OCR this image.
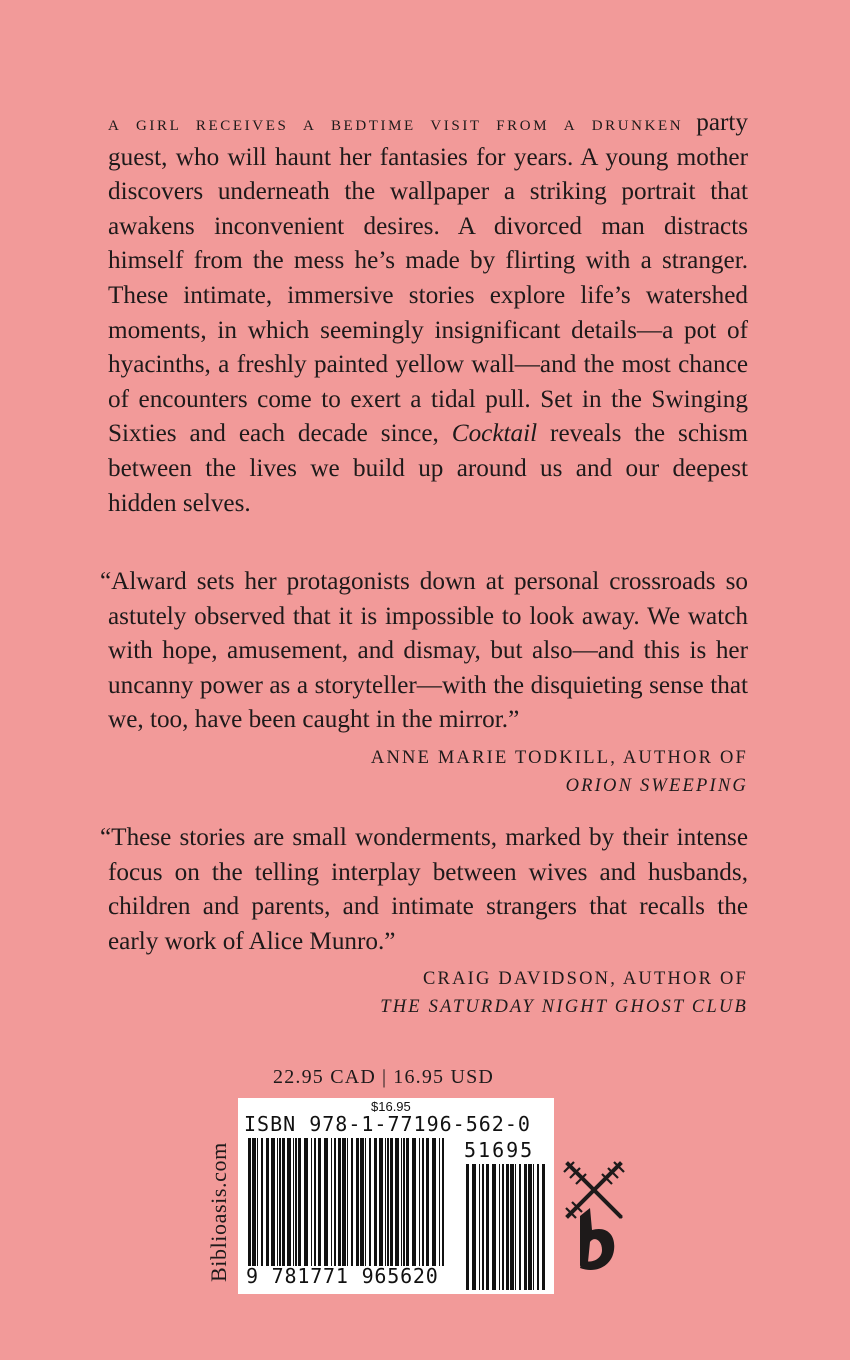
a girl receives a bedtime visit from a drunken party guest, who will haunt her fantasies for years. A young mother discovers underneath the wallpaper a striking portrait that awakens inconvenient desires. A divorced man distracts himself from the mess he’s made by flirting with a stranger. These intimate, immersive stories explore life’s watershed moments, in which seemingly insignificant details—a pot of hyacinths, a freshly painted yellow wall—and the most chance of encounters come to exert a tidal pull. Set in the Swinging Sixties and each decade since, Cocktail reveals the schism between the lives we build up around us and our deepest hidden selves.

“Alward sets her protagonists down at personal crossroads so astutely observed that it is impossible to look away. We watch with hope, amusement, and dismay, but also—and this is her uncanny power as a storyteller—with the disquieting sense that we, too, have been caught in the mirror.”

ANNE MARIE TODKILL, AUTHOR OF
ORION SWEEPING

“These stories are small wonderments, marked by their intense focus on the telling interplay between wives and husbands, children and parents, and intimate strangers that recalls the early work of Alice Munro.”

CRAIG DAVIDSON, AUTHOR OF
THE SATURDAY NIGHT GHOST CLUB

22.95 CAD | 16.95 USD
Biblioasis.com
$16.95
ISBN 978-1-77196-562-0
51695
9 781771 965620
